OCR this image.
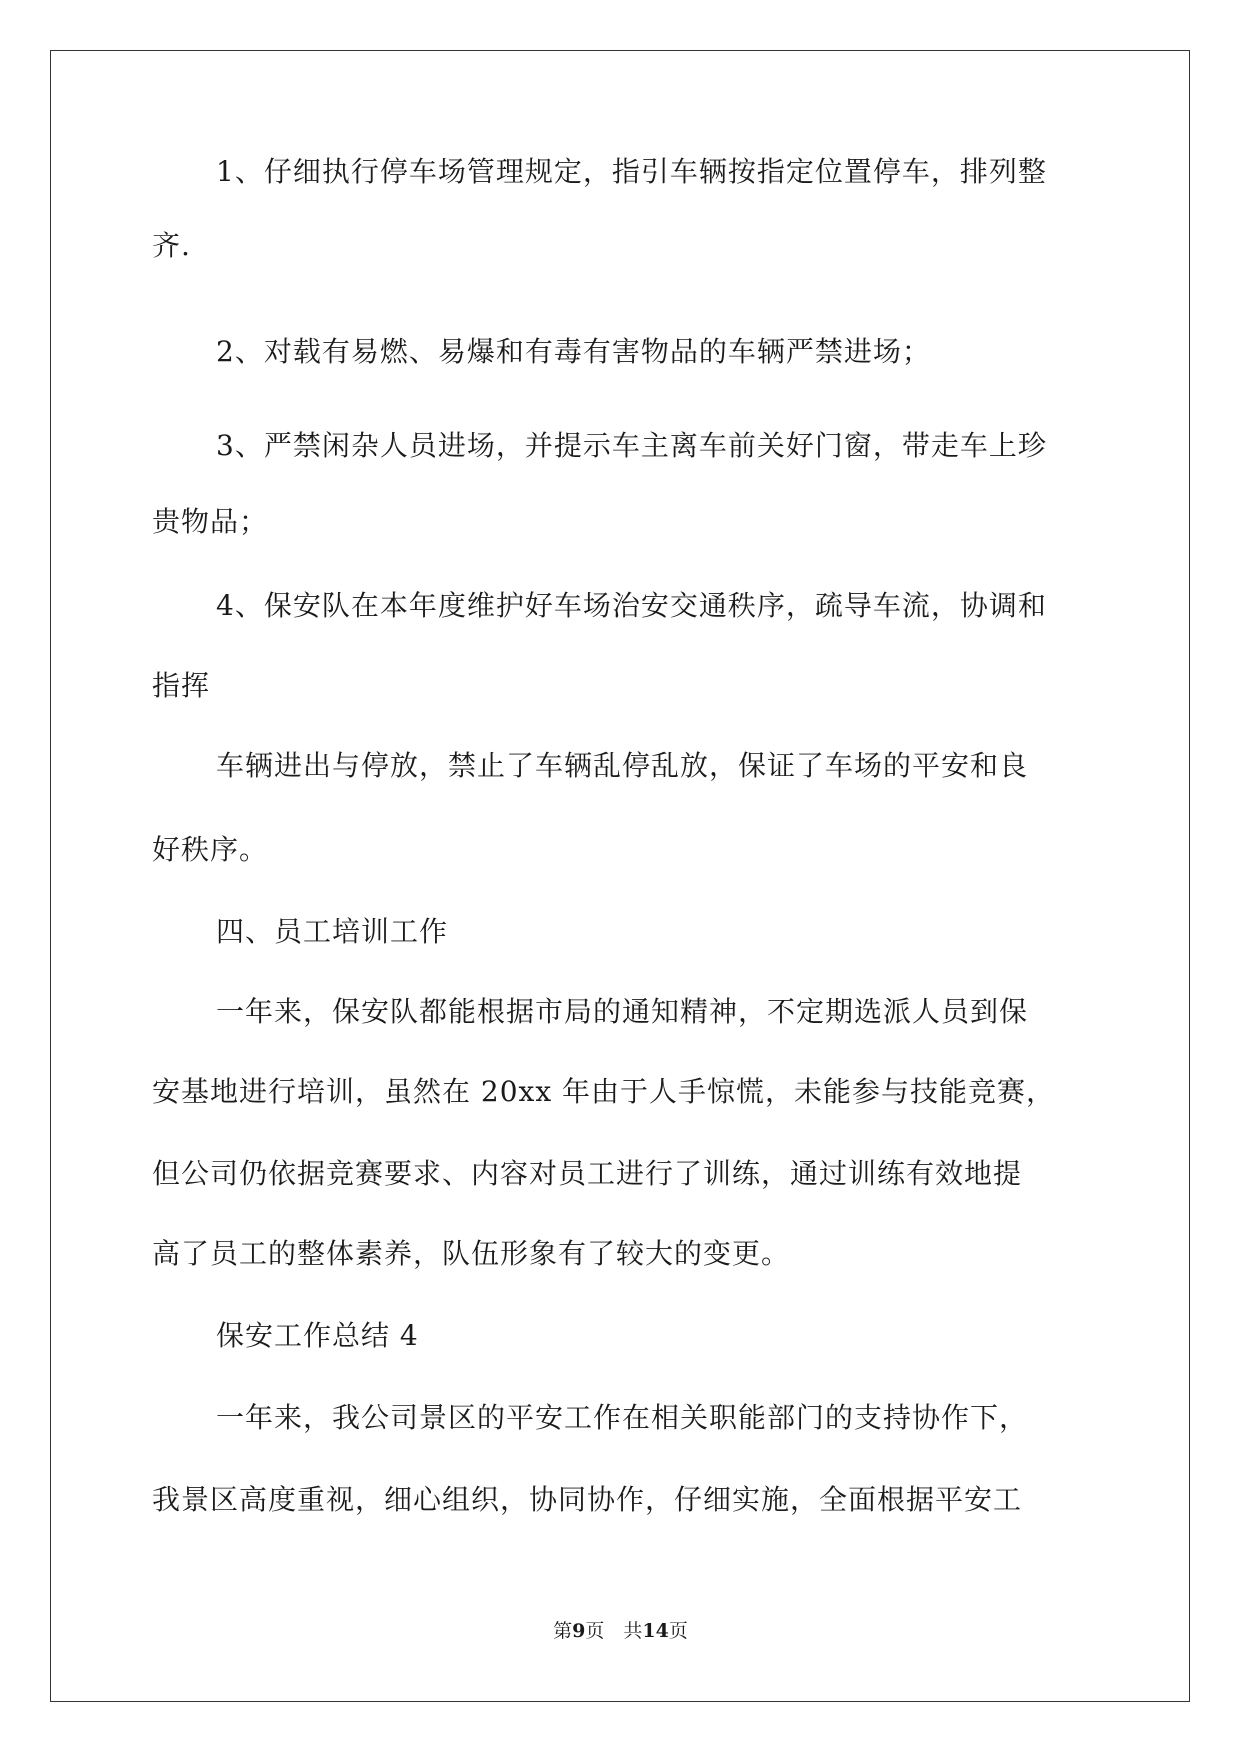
1、仔细执行停车场管理规定，指引车辆按指定位置停车，排列整
齐.
2、对载有易燃、易爆和有毒有害物品的车辆严禁进场；
3、严禁闲杂人员进场，并提示车主离车前关好门窗，带走车上珍
贵物品；
4、保安队在本年度维护好车场治安交通秩序，疏导车流，协调和
指挥
车辆进出与停放，禁止了车辆乱停乱放，保证了车场的平安和良
好秩序。
四、员工培训工作
一年来，保安队都能根据市局的通知精神，不定期选派人员到保
安基地进行培训，虽然在 20xx 年由于人手惊慌，未能参与技能竞赛，
但公司仍依据竞赛要求、内容对员工进行了训练，通过训练有效地提
高了员工的整体素养，队伍形象有了较大的变更。
保安工作总结 4
一年来，我公司景区的平安工作在相关职能部门的支持协作下，
我景区高度重视，细心组织，协同协作，仔细实施，全面根据平安工
第9页　共14页
